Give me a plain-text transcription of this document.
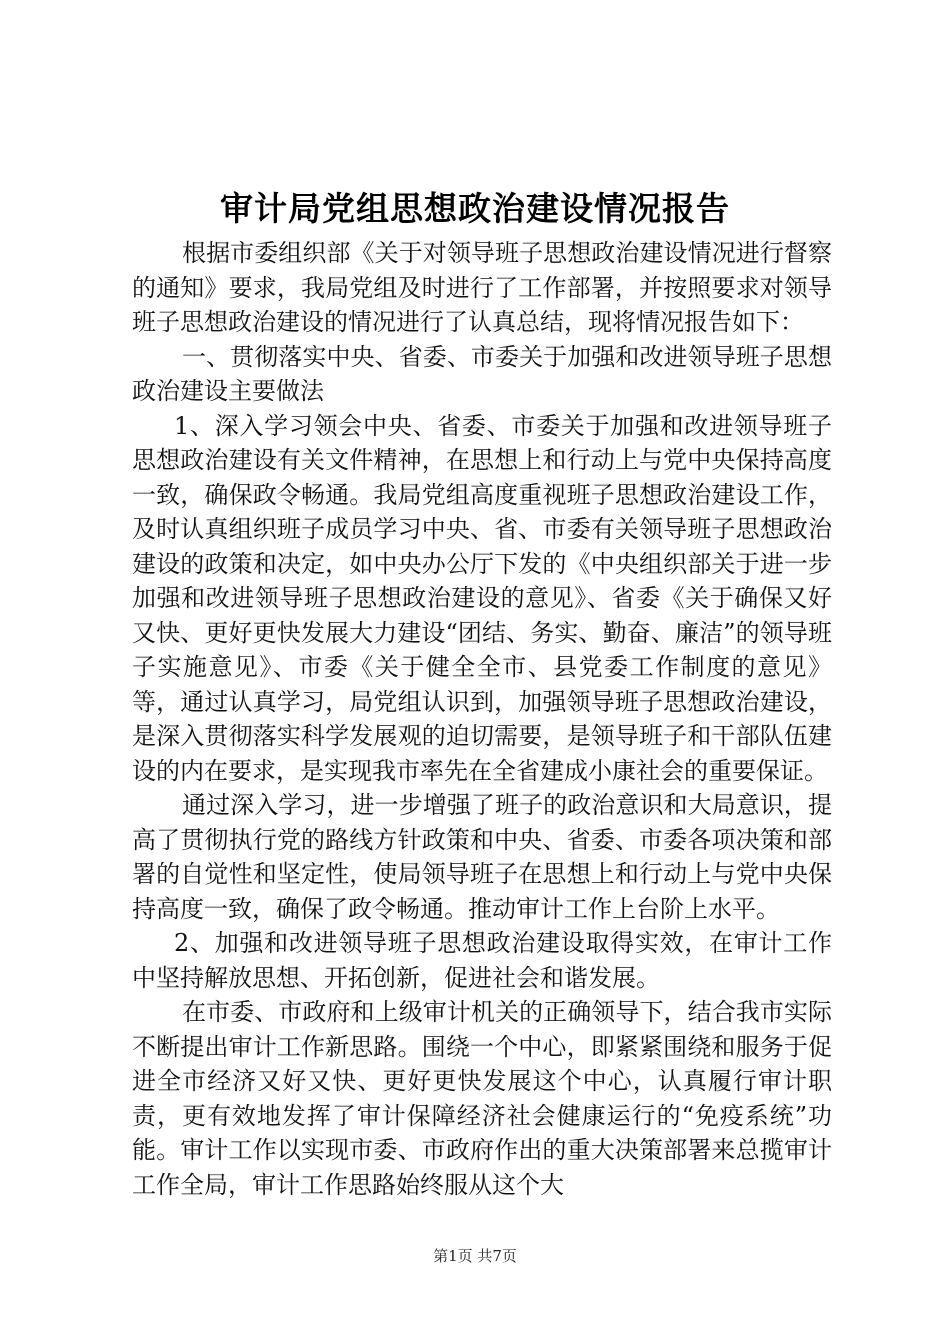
审计局党组思想政治建设情况报告

根据市委组织部《关于对领导班子思想政治建设情况进行督察的通知》要求，我局党组及时进行了工作部署，并按照要求对领导班子思想政治建设的情况进行了认真总结，现将情况报告如下：

一、贯彻落实中央、省委、市委关于加强和改进领导班子思想政治建设主要做法

1、深入学习领会中央、省委、市委关于加强和改进领导班子思想政治建设有关文件精神，在思想上和行动上与党中央保持高度一致，确保政令畅通。我局党组高度重视班子思想政治建设工作，及时认真组织班子成员学习中央、省、市委有关领导班子思想政治建设的政策和决定，如中央办公厅下发的《中央组织部关于进一步加强和改进领导班子思想政治建设的意见》、省委《关于确保又好又快、更好更快发展大力建设“团结、务实、勤奋、廉洁”的领导班子实施意见》、市委《关于健全全市、县党委工作制度的意见》等，通过认真学习，局党组认识到，加强领导班子思想政治建设，是深入贯彻落实科学发展观的迫切需要，是领导班子和干部队伍建设的内在要求，是实现我市率先在全省建成小康社会的重要保证。

通过深入学习，进一步增强了班子的政治意识和大局意识，提高了贯彻执行党的路线方针政策和中央、省委、市委各项决策和部署的自觉性和坚定性，使局领导班子在思想上和行动上与党中央保持高度一致，确保了政令畅通。推动审计工作上台阶上水平。

2、加强和改进领导班子思想政治建设取得实效，在审计工作中坚持解放思想、开拓创新，促进社会和谐发展。

在市委、市政府和上级审计机关的正确领导下，结合我市实际不断提出审计工作新思路。围绕一个中心，即紧紧围绕和服务于促进全市经济又好又快、更好更快发展这个中心，认真履行审计职责，更有效地发挥了审计保障经济社会健康运行的“免疫系统”功能。审计工作以实现市委、市政府作出的重大决策部署来总揽审计工作全局，审计工作思路始终服从这个大

第1页 共7页
